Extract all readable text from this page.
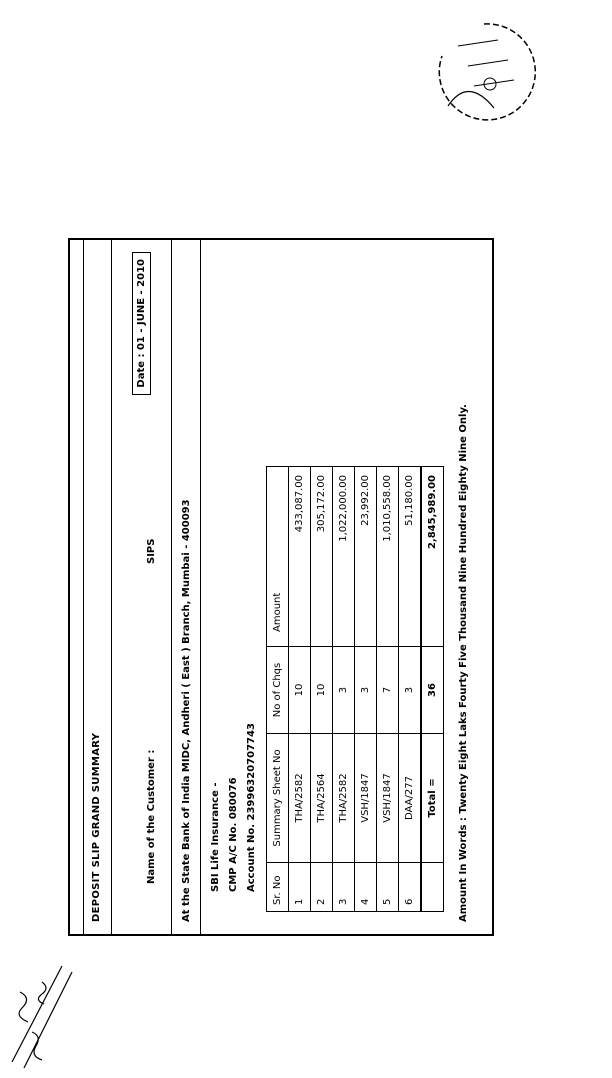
DEPOSIT SLIP GRAND SUMMARY	Name of the Customer :
SIPS
Date : 01 - JUNE - 2010
At the State Bank of India MIDC, Andheri ( East ) Branch, Mumbai - 400093 SBI Life Insurance - CMP A/C No. 080076 Account No. 23996320707743 Sr. No	Summary Sheet No	No of Chqs	Amount
1	THA/2582	10	433,087.00
2	THA/2564	10	305,172.00
3	THA/2582	3	1,022,000.00
4	VSH/1847	3	23,992.00
5	VSH/1847	7	1,010,558.00
6	DAA/277	3	51,180.00
	Total =	36	2,845,989.00 Amount In Words : Twenty Eight Laks Fourty Five Thousand Nine Hundred Eighty Nine Only.
